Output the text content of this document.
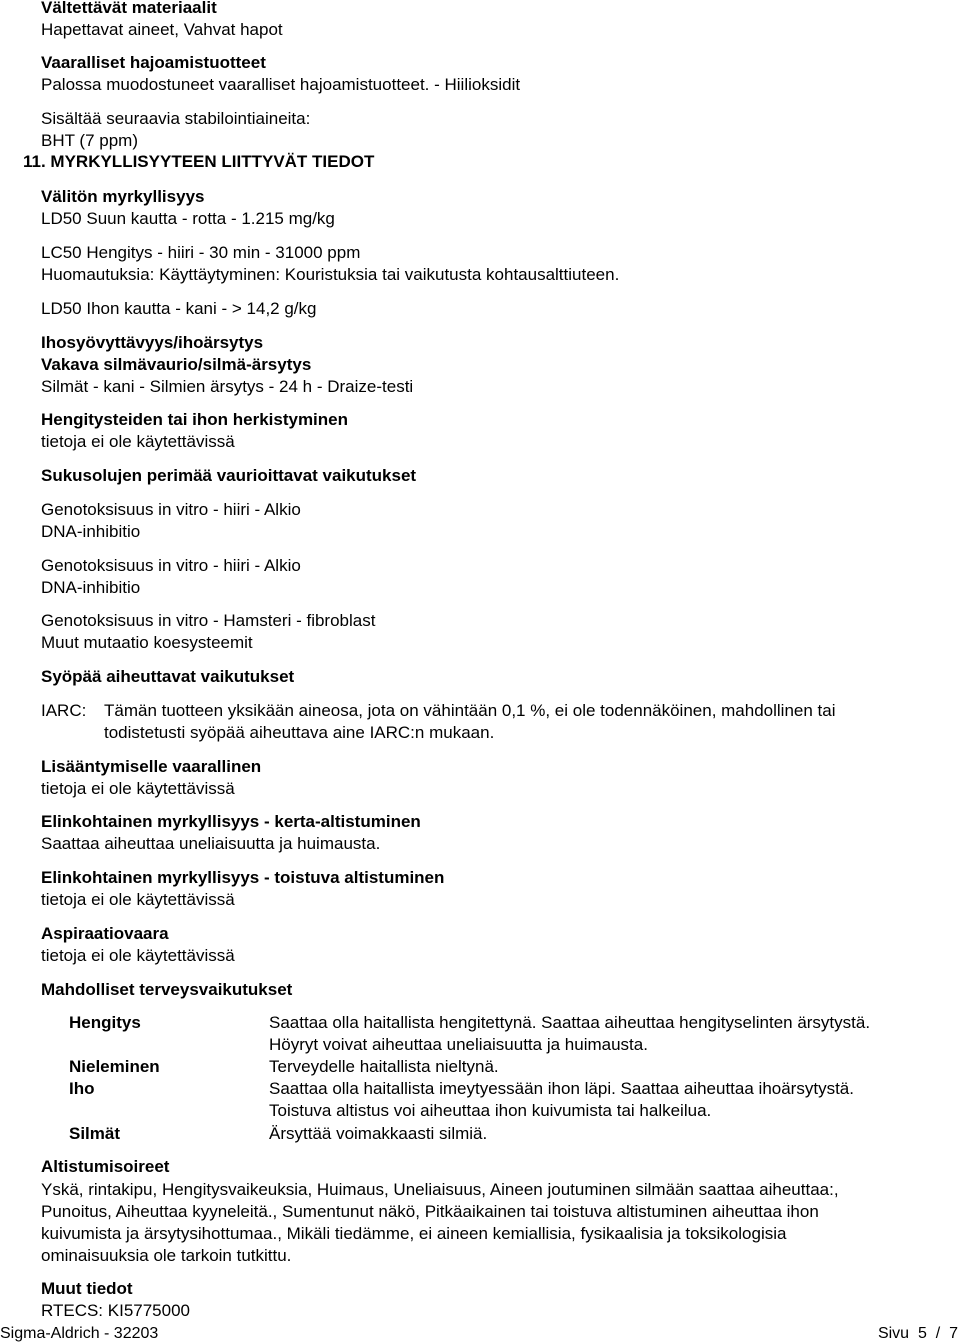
Vältettävät materiaalit
Hapettavat aineet, Vahvat hapot
Vaaralliset hajoamistuotteet
Palossa muodostuneet vaaralliset hajoamistuotteet. - Hiilioksidit
Sisältää seuraavia stabilointiaineita:
BHT (7 ppm)
11. MYRKYLLISYYTEEN LIITTYVÄT TIEDOT
Välitön myrkyllisyys
LD50 Suun kautta - rotta - 1.215 mg/kg
LC50 Hengitys - hiiri - 30 min - 31000 ppm
Huomautuksia: Käyttäytyminen: Kouristuksia tai vaikutusta kohtausalttiuteen.
LD50 Ihon kautta - kani - > 14,2 g/kg
Ihosyövyttävyys/ihoärsytys
Vakava silmävaurio/silmä-ärsytys
Silmät - kani - Silmien ärsytys - 24 h - Draize-testi
Hengitysteiden tai ihon herkistyminen
tietoja ei ole käytettävissä
Sukusolujen perimää vaurioittavat vaikutukset
Genotoksisuus in vitro - hiiri - Alkio
DNA-inhibitio
Genotoksisuus in vitro - hiiri - Alkio
DNA-inhibitio
Genotoksisuus in vitro - Hamsteri - fibroblast
Muut mutaatio koesysteemit
Syöpää aiheuttavat vaikutukset
IARC: Tämän tuotteen yksikään aineosa, jota on vähintään 0,1 %, ei ole todennäköinen, mahdollinen tai
todistetusti syöpää aiheuttava aine IARC:n mukaan.
Lisääntymiselle vaarallinen
tietoja ei ole käytettävissä
Elinkohtainen myrkyllisyys - kerta-altistuminen
Saattaa aiheuttaa uneliaisuutta ja huimausta.
Elinkohtainen myrkyllisyys - toistuva altistuminen
tietoja ei ole käytettävissä
Aspiraatiovaara
tietoja ei ole käytettävissä
Mahdolliset terveysvaikutukset
Hengitys	Saattaa olla haitallista hengitettynä. Saattaa aiheuttaa hengityselinten ärsytystä.
Höyryt voivat aiheuttaa uneliaisuutta ja huimausta.
Nieleminen	Terveydelle haitallista nieltynä.
Iho	Saattaa olla haitallista imeytyessään ihon läpi. Saattaa aiheuttaa ihoärsytystä.
Toistuva altistus voi aiheuttaa ihon kuivumista tai halkeilua.
Silmät	Ärsyttää voimakkaasti silmiä.
Altistumisoireet
Yskä, rintakipu, Hengitysvaikeuksia, Huimaus, Uneliaisuus, Aineen joutuminen silmään saattaa aiheuttaa:,
Punoitus, Aiheuttaa kyyneleitä., Sumentunut näkö, Pitkäaikainen tai toistuva altistuminen aiheuttaa ihon
kuivumista ja ärsytysihottumaa., Mikäli tiedämme, ei aineen kemiallisia, fysikaalisia ja toksikologisia
ominaisuuksia ole tarkoin tutkittu.
Muut tiedot
RTECS: KI5775000
Sigma-Aldrich - 32203	Sivu 5 / 7
